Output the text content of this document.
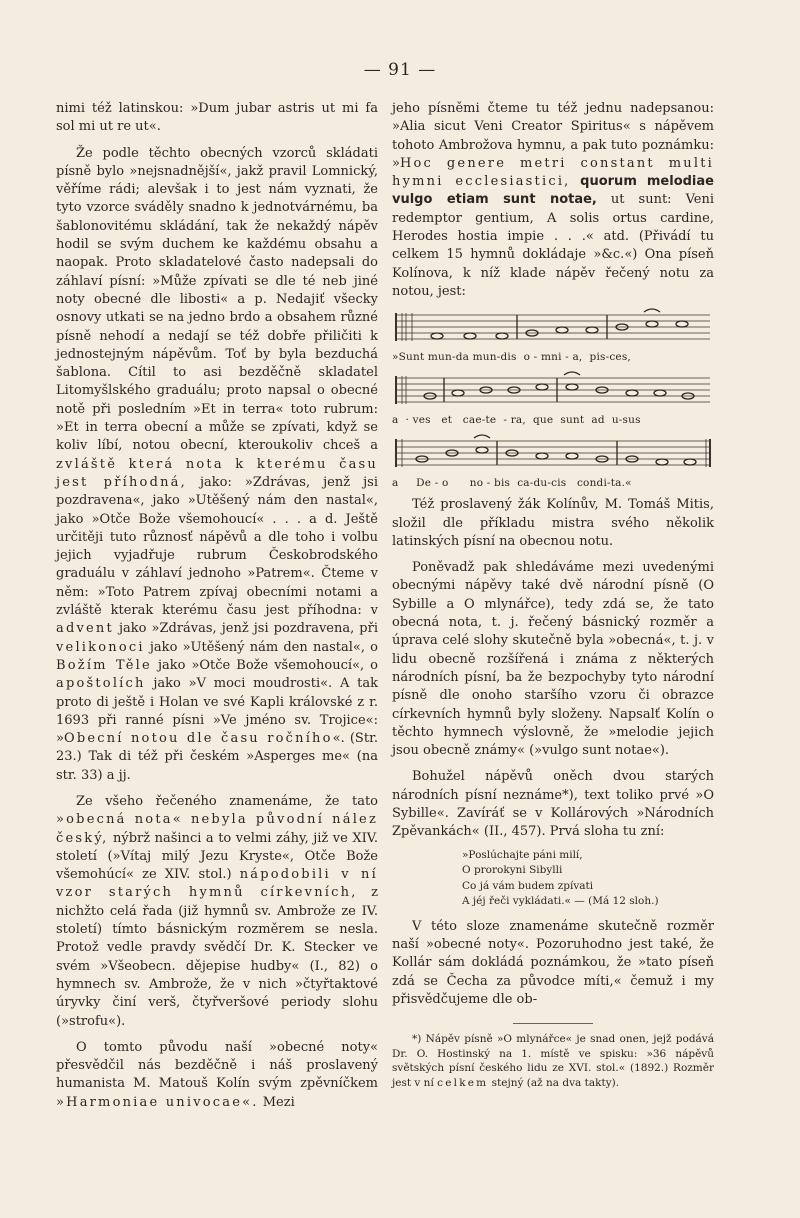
— 91 —

nimi též latinskou: »Dum jubar astris ut mi fa sol mi ut re ut«.

Že podle těchto obecných vzorců skládati písně bylo »nejsnadnější«, jakž pravil Lomnický, věříme rádi; alevšak i to jest nám vyznati, že tyto vzorce sváděly snadno k jednotvárnému, ba šablonovitému skládání, tak že nekaždý nápěv hodil se svým duchem ke každému obsahu a naopak. Proto skladatelové často nadepsali do záhlaví písní: »Může zpívati se dle té neb jiné noty obecné dle libosti« a p. Nedajiť všecky osnovy utkati se na jedno brdo a obsahem různé písně nehodí a nedají se též dobře přiličiti k jednostejným nápěvům. Toť by byla bezduchá šablona. Cítil to asi bezděčně skladatel Litomyšlského graduálu; proto napsal o obecné notě při posledním »Et in terra« toto rubrum: »Et in terra obecní a může se zpívati, když se koliv líbí, notou obecní, kteroukoliv chceš a zvláště která nota k kterému času jest příhodná, jako: »Zdrávas, jenž jsi pozdravena«, jako »Utěšený nám den nastal«, jako »Otče Bože všemohoucí« . . . a d. Ještě určitěji tuto různosť nápěvů a dle toho i volbu jejich vyjadřuje rubrum Českobrodského graduálu v záhlaví jednoho »Patrem«. Čteme v něm: »Toto Patrem zpívaj obecními notami a zvláště kterak kterému času jest příhodna: v advent jako »Zdrávas, jenž jsi pozdravena, při velikonoci jako »Utěšený nám den nastal«, o Božím Těle jako »Otče Bože všemohoucí«, o apoštolích jako »V moci moudrosti«. A tak proto di ještě i Holan ve své Kapli královské z r. 1693 při ranné písni »Ve jméno sv. Trojice«: »Obecní notou dle času ročního«. (Str. 23.) Tak di též při českém »Asperges me« (na str. 33) a jj.

Ze všeho řečeného znamenáme, že tato »obecná nota« nebyla původní nález český, nýbrž našinci a to velmi záhy, již ve XIV. století (»Vítaj milý Jezu Kryste«, Otče Bože všemohúcí« ze XIV. stol.) nápodobili v ní vzor starých hymnů církevních, z nichžto celá řada (již hymnů sv. Ambrože ze IV. století) tímto básnickým rozměrem se nesla. Protož vedle pravdy svědčí Dr. K. Stecker ve svém »Všeobecn. dějepise hudby« (I., 82) o hymnech sv. Ambrože, že v nich »čtyřtaktové úryvky činí verš, čtyřveršové periody slohu (»strofu«).

O tomto původu naší »obecné noty« přesvědčil nás bezděčně i náš proslavený humanista M. Matouš Kolín svým zpěvníčkem »Harmoniae univocae«. Mezi

jeho písněmi čteme tu též jednu nadepsanou: »Alia sicut Veni Creator Spiritus« s nápěvem tohoto Ambrožova hymnu, a pak tuto poznámku: »Hoc genere metri constant multi hymni ecclesiastici, quorum melodiae vulgo etiam sunt notae, ut sunt: Veni redemptor gentium, A solis ortus cardine, Herodes hostia impie . . .« atd. (Přivádí tu celkem 15 hymnů dokládaje »&c.«) Ona píseň Kolínova, k níž klade nápěv řečený notu za notou, jest:

»Sunt mun-da mun-dis  o - mni - a,  pis-ces,
a  · ves   et   cae-te  - ra,  que  sunt  ad  u-sus
a     De - o      no - bis  ca-du-cis   condi-ta.«

Též proslavený žák Kolínův, M. Tomáš Mitis, složil dle příkladu mistra svého několik latinských písní na obecnou notu.

Poněvadž pak shledáváme mezi uvedenými obecnými nápěvy také dvě národní písně (O Sybille a O mlynářce), tedy zdá se, že tato obecná nota, t. j. řečený básnický rozměr a úprava celé slohy skutečně byla »obecná«, t. j. v lidu obecně rozšířená i známa z některých národních písní, ba že bezpochyby tyto národní písně dle onoho staršího vzoru či obrazce církevních hymnů byly složeny. Napsalť Kolín o těchto hymnech výslovně, že »melodie jejich jsou obecně známy« (»vulgo sunt notae«).

Bohužel nápěvů oněch dvou starých národních písní neznáme*), text toliko prvé »O Sybille«. Zavíráť se v Kollárových »Národních Zpěvankách« (II., 457). Prvá sloha tu zní:

»Poslúchajte páni milí,
O prorokyni Sibylli
Co já vám budem zpívati
A jéj řeči vykládati.« — (Má 12 sloh.)

V této sloze znamenáme skutečně rozměr naší »obecné noty«. Pozoruhodno jest také, že Kollár sám dokládá poznámkou, že »tato píseň zdá se Čecha za původce míti,« čemuž i my přisvědčujeme dle ob-

*) Nápěv písně »O mlynářce« je snad onen, jejž podává Dr. O. Hostinský na 1. místě ve spisku: »36 nápěvů světských písní českého lidu ze XVI. stol.« (1892.) Rozměr jest v ní celkem stejný (až na dva takty).
